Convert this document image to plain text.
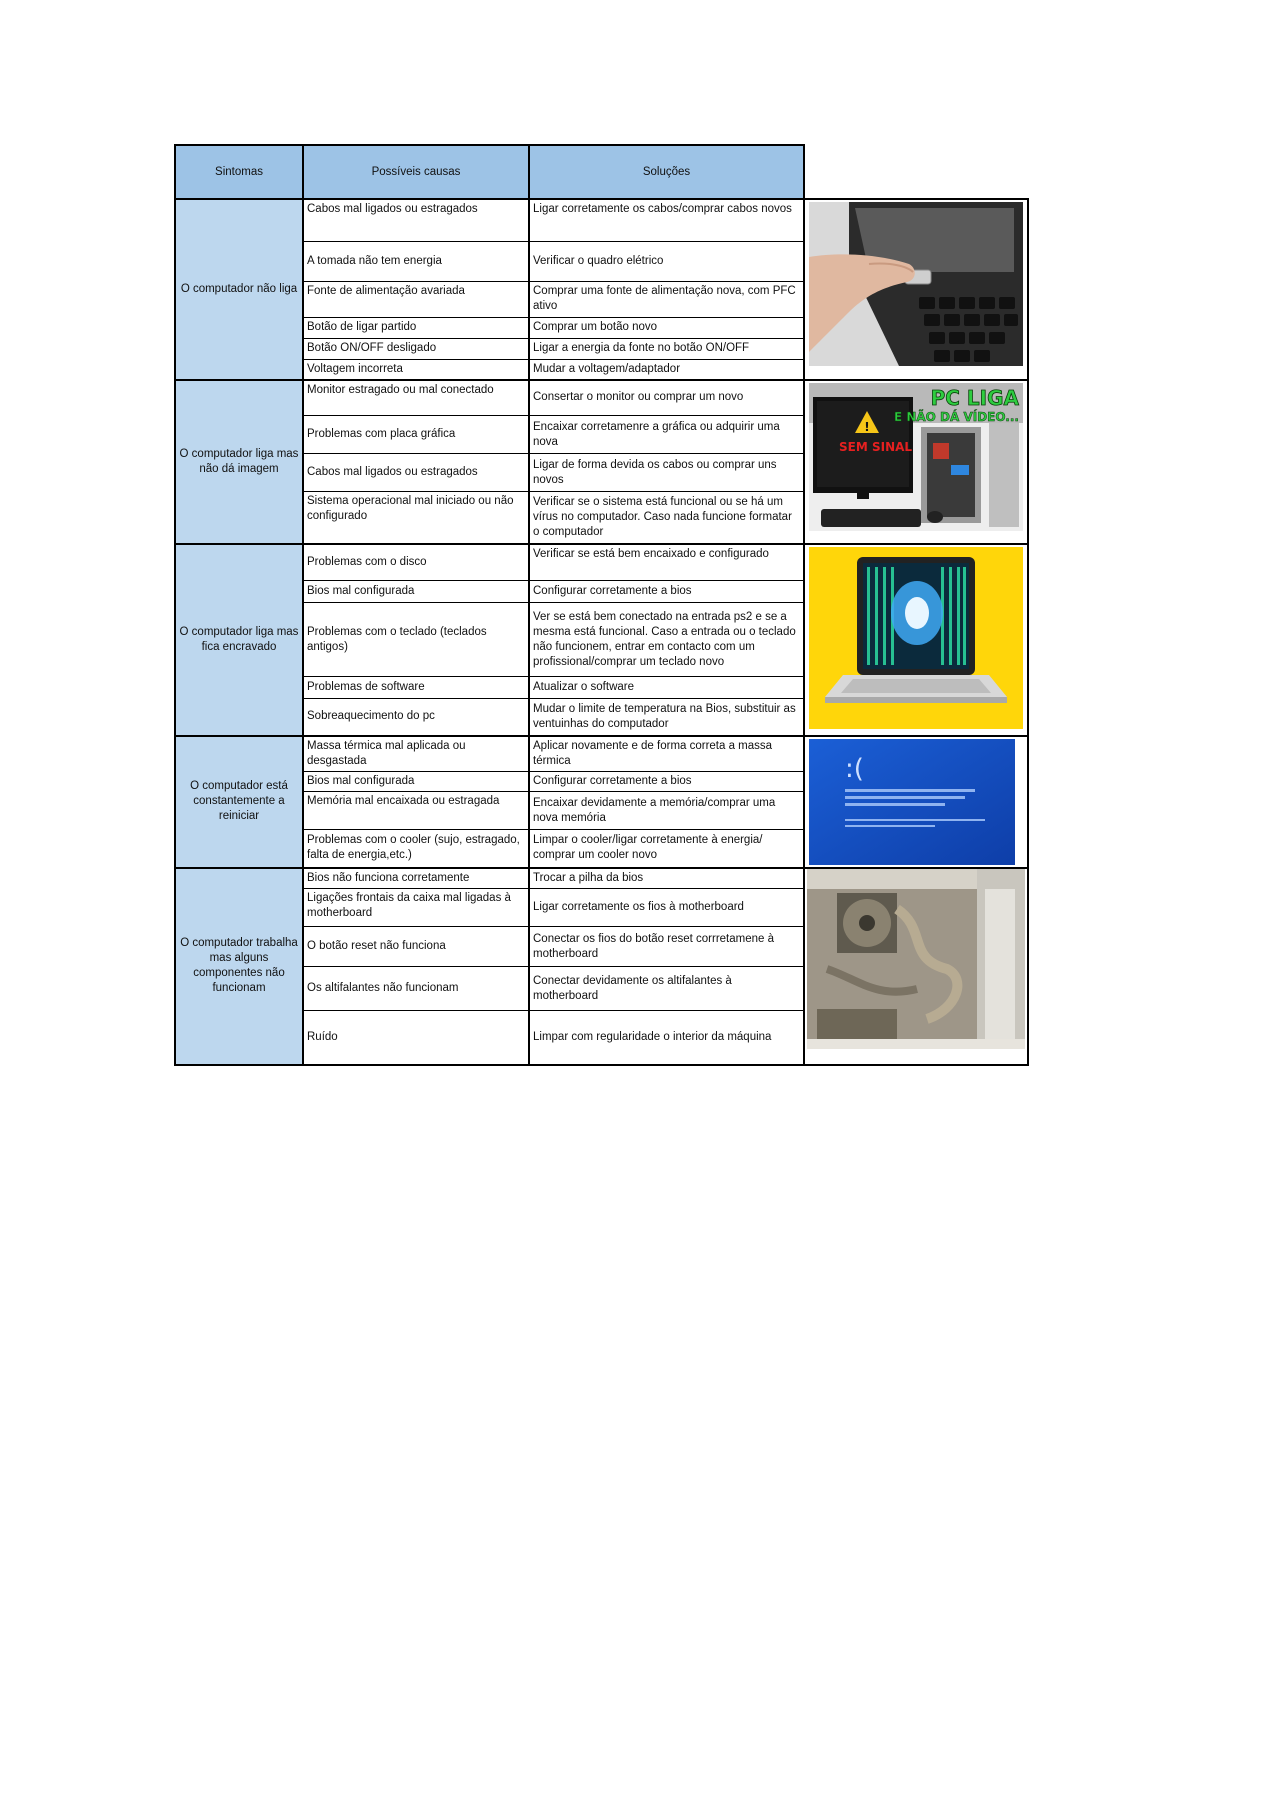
Sintomas	Possíveis causas	Soluções	
O computador não liga	Cabos mal ligados ou estragados	Ligar corretamente os cabos/comprar cabos novos	

	A tomada não tem energia	Verificar o quadro elétrico	
	Fonte de alimentação avariada	Comprar uma fonte de alimentação nova, com PFC ativo	
	Botão de ligar partido	Comprar um botão novo	
	Botão ON/OFF desligado	Ligar a energia da fonte no botão ON/OFF	
	Voltagem incorreta	Mudar a voltagem/adaptador	
O computador liga mas não dá imagem	Monitor estragado ou mal conectado	Consertar o monitor ou comprar um novo	!
SEM SINAL
PC LIGA
E NÃO DÁ VÍDEO...

	Problemas com placa gráfica	Encaixar corretamenre a gráfica ou adquirir uma nova	
	Cabos mal ligados ou estragados	Ligar de forma devida os cabos ou comprar uns novos	
	Sistema operacional mal iniciado ou não configurado	Verificar se o sistema está funcional ou se há um vírus no computador. Caso nada funcione formatar o computador	
O computador liga mas fica encravado	Problemas com o disco	Verificar se está bem encaixado e configurado	

	Bios mal configurada	Configurar corretamente a bios	
	Problemas com o teclado (teclados antigos)	Ver se está bem conectado na entrada ps2 e se a mesma está funcional. Caso a entrada ou o teclado não funcionem, entrar em contacto com um profissional/comprar um teclado novo	
	Problemas de software	Atualizar o software	
	Sobreaquecimento do pc	Mudar o limite de temperatura na Bios, substituir as ventuinhas do computador	
O computador está constantemente a reiniciar	Massa térmica mal aplicada ou desgastada	Aplicar novamente e de forma correta a massa térmica	:(

	Bios mal configurada	Configurar corretamente a bios	
	Memória mal encaixada ou estragada	Encaixar devidamente a memória/comprar uma nova memória	
	Problemas com o cooler (sujo, estragado, falta de energia,etc.)	Limpar o cooler/ligar corretamente à energia/ comprar um cooler novo	
O computador trabalha mas alguns componentes não funcionam	Bios não funciona corretamente	Trocar a pilha da bios	

	Ligações frontais da caixa mal ligadas à motherboard	Ligar corretamente os fios à motherboard	
	O botão reset não funciona	Conectar os fios do botão reset corrretamene à motherboard	
	Os altifalantes não funcionam	Conectar devidamente os altifalantes à motherboard	
	Ruído	Limpar com regularidade o interior da máquina	
